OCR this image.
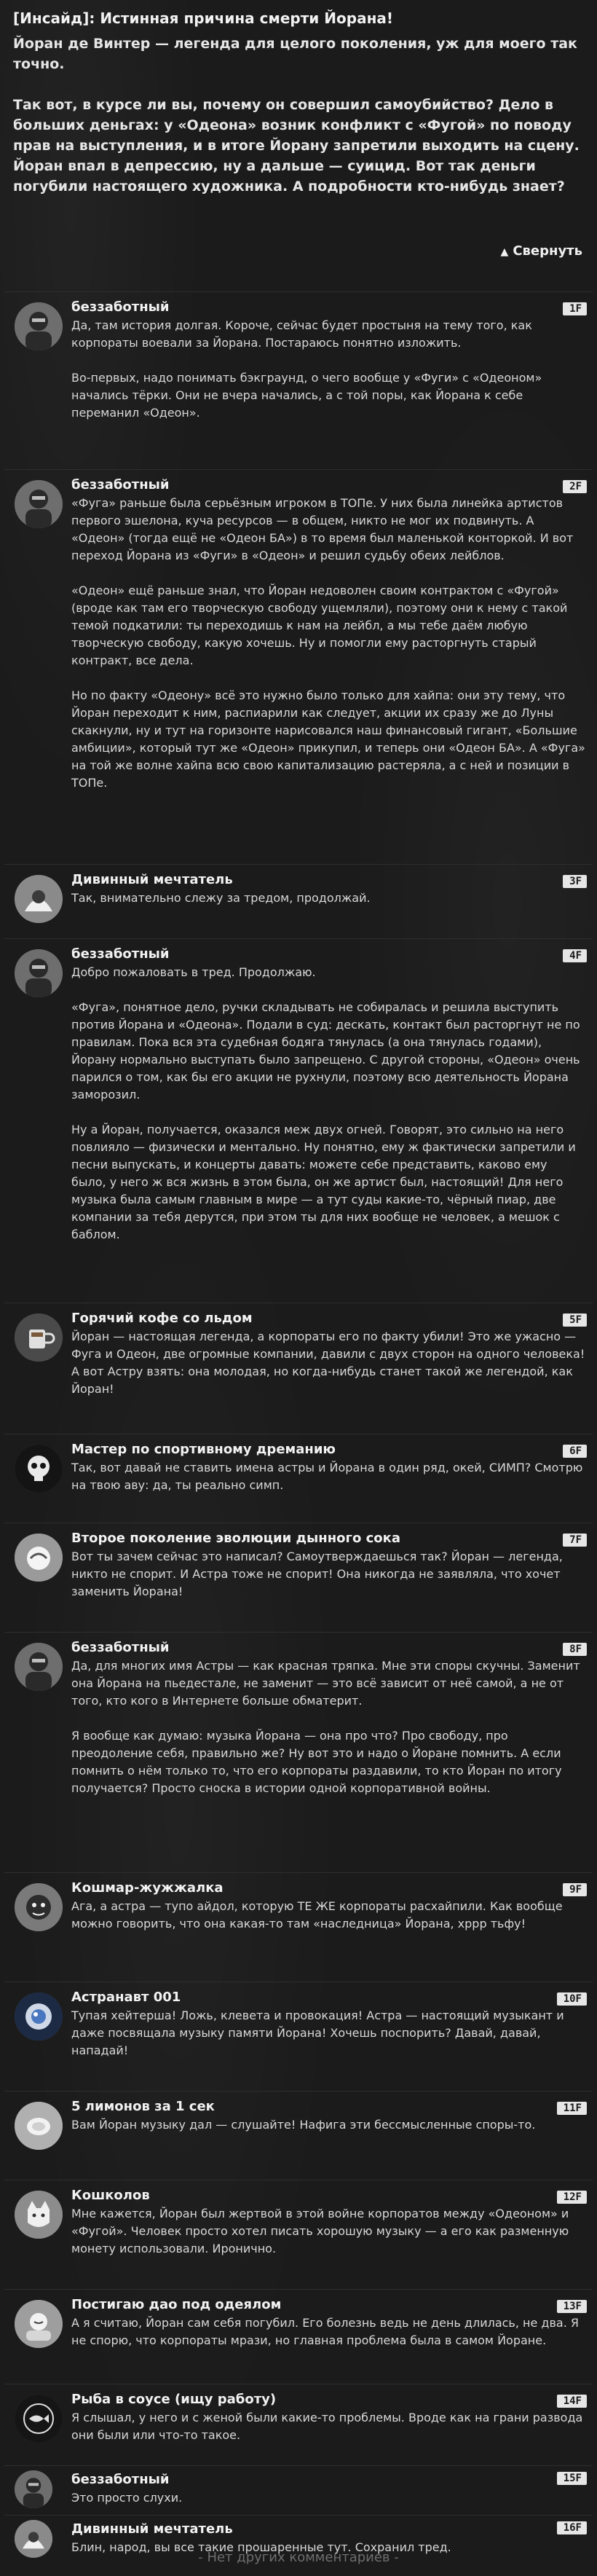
[Инсайд]: Истинная причина смерти Йорана!
Йоран де Винтер — легенда для целого поколения, уж для моего так точно.

Так вот, в курсе ли вы, почему он совершил самоубийство? Дело в больших деньгах: у «Одеона» возник конфликт с «Фугой» по поводу прав на выступления, и в итоге Йорану запретили выходить на сцену. Йоран впал в депрессию, ну а дальше — суицид. Вот так деньги погубили настоящего художника. А подробности кто-нибудь знает?
▲ Свернуть
беззаботный
Да, там история долгая. Короче, сейчас будет простыня на тему того, как корпораты воевали за Йорана. Постараюсь понятно изложить.

Во-первых, надо понимать бэкграунд, о чего вообще у «Фуги» с «Одеоном» начались тёрки. Они не вчера начались, а с той поры, как Йорана к себе переманил «Одеон».
1F
беззаботный
«Фуга» раньше была серьёзным игроком в ТОПе. У них была линейка артистов первого эшелона, куча ресурсов — в общем, никто не мог их подвинуть. А «Одеон» (тогда ещё не «Одеон БА») в то время был маленькой конторкой. И вот переход Йорана из «Фуги» в «Одеон» и решил судьбу обеих лейблов.

«Одеон» ещё раньше знал, что Йоран недоволен своим контрактом с «Фугой» (вроде как там его творческую свободу ущемляли), поэтому они к нему с такой темой подкатили: ты переходишь к нам на лейбл, а мы тебе даём любую творческую свободу, какую хочешь. Ну и помогли ему расторгнуть старый контракт, все дела.

Но по факту «Одеону» всё это нужно было только для хайпа: они эту тему, что Йоран переходит к ним, распиарили как следует, акции их сразу же до Луны скакнули, ну и тут на горизонте нарисовался наш финансовый гигант, «Большие амбиции», который тут же «Одеон» прикупил, и теперь они «Одеон БА». А «Фуга» на той же волне хайпа всю свою капитализацию растеряла, а с ней и позиции в ТОПе.
2F
Дивинный мечтатель
Так, внимательно слежу за тредом, продолжай.
3F
беззаботный
Добро пожаловать в тред. Продолжаю.

«Фуга», понятное дело, ручки складывать не собиралась и решила выступить против Йорана и «Одеона». Подали в суд: дескать, контакт был расторгнут не по правилам. Пока вся эта судебная бодяга тянулась (а она тянулась годами), Йорану нормально выступать было запрещено. С другой стороны, «Одеон» очень парился о том, как бы его акции не рухнули, поэтому всю деятельность Йорана заморозил.

Ну а Йоран, получается, оказался меж двух огней. Говорят, это сильно на него повлияло — физически и ментально. Ну понятно, ему ж фактически запретили и песни выпускать, и концерты давать: можете себе представить, каково ему было, у него ж вся жизнь в этом была, он же артист был, настоящий! Для него музыка была самым главным в мире — а тут суды какие-то, чёрный пиар, две компании за тебя дерутся, при этом ты для них вообще не человек, а мешок с баблом.
4F
Горячий кофе со льдом
Йоран — настоящая легенда, а корпораты его по факту убили! Это же ужасно — Фуга и Одеон, две огромные компании, давили с двух сторон на одного человека! А вот Астру взять: она молодая, но когда-нибудь станет такой же легендой, как Йоран!
5F
Мастер по спортивному дреманию
Так, вот давай не ставить имена астры и Йорана в один ряд, окей, СИМП? Смотрю на твою аву: да, ты реально симп.
6F
Второе поколение эволюции дынного сока
Вот ты зачем сейчас это написал? Самоутверждаешься так? Йоран — легенда, никто не спорит. И Астра тоже не спорит! Она никогда не заявляла, что хочет заменить Йорана!
7F
беззаботный
Да, для многих имя Астры — как красная тряпка. Мне эти споры скучны. Заменит она Йорана на пьедестале, не заменит — это всё зависит от неё самой, а не от того, кто кого в Интернете больше обматерит.

Я вообще как думаю: музыка Йорана — она про что? Про свободу, про преодоление себя, правильно же? Ну вот это и надо о Йоране помнить. А если помнить о нём только то, что его корпораты раздавили, то кто Йоран по итогу получается? Просто сноска в истории одной корпоративной войны.
8F
Кошмар-жужжалка
Ага, а астра — тупо айдол, которую ТЕ ЖЕ корпораты расхайпили. Как вообще можно говорить, что она какая-то там «наследница» Йорана, хррр тьфу!
9F
Астранавт 001
Тупая хейтерша! Ложь, клевета и провокация! Астра — настоящий музыкант и даже посвящала музыку памяти Йорана! Хочешь поспорить? Давай, давай, нападай!
10F
5 лимонов за 1 сек
Вам Йоран музыку дал — слушайте! Нафига эти бессмысленные споры-то.
11F
Кошколов
Мне кажется, Йоран был жертвой в этой войне корпоратов между «Одеоном» и «Фугой». Человек просто хотел писать хорошую музыку — а его как разменную монету использовали. Иронично.
12F
Постигаю дао под одеялом
А я считаю, Йоран сам себя погубил. Его болезнь ведь не день длилась, не два. Я не спорю, что корпораты мрази, но главная проблема была в самом Йоране.
13F
Рыба в соусе (ищу работу)
Я слышал, у него и с женой были какие-то проблемы. Вроде как на грани развода они были или что-то такое.
14F
беззаботный
Это просто слухи.
15F
Дивинный мечтатель
Блин, народ, вы все такие прошаренные тут. Сохранил тред.
16F
- Нет других комментариев -
